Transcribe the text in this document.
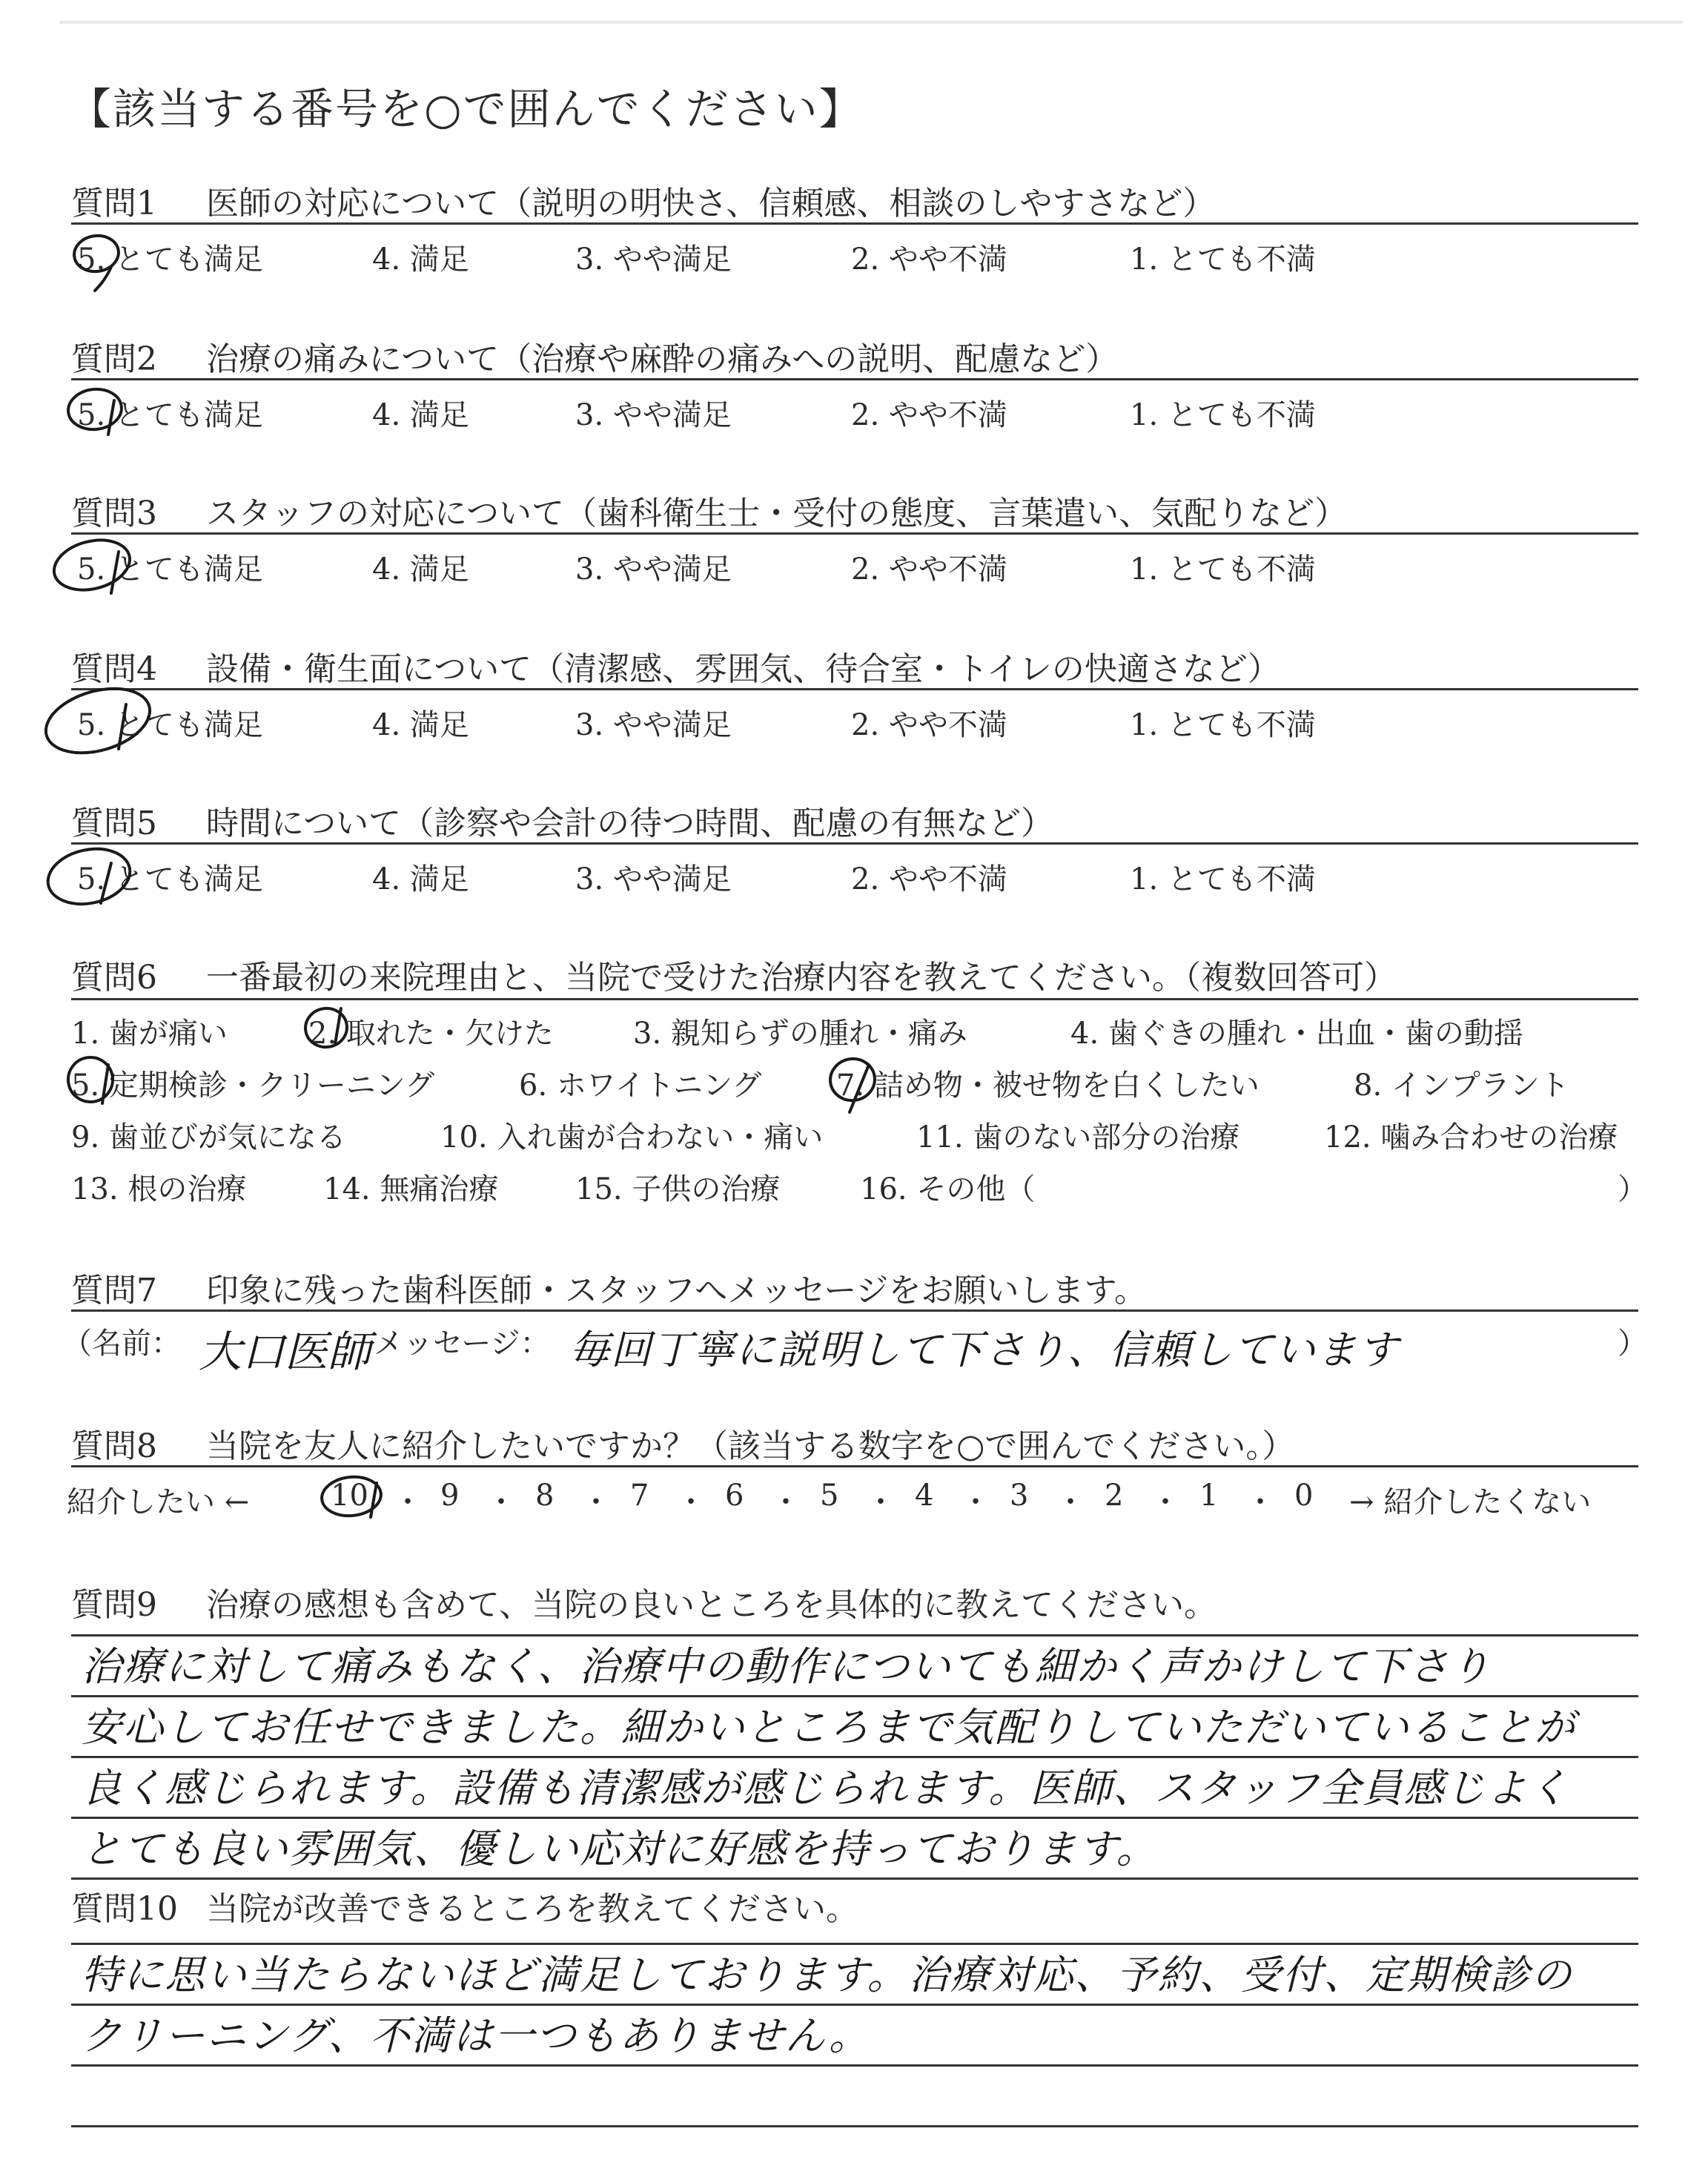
【該当する番号を○で囲んでください】
質問1 医師の対応について（説明の明快さ、信頼感、相談のしやすさなど）
5. とても満足	4. 満足	3. やや満足	2. やや不満	1. とても不満
質問2 治療の痛みについて（治療や麻酔の痛みへの説明、配慮など）
5. とても満足	4. 満足	3. やや満足	2. やや不満	1. とても不満
質問3 スタッフの対応について（歯科衛生士・受付の態度、言葉遣い、気配りなど）
5. とても満足	4. 満足	3. やや満足	2. やや不満	1. とても不満
質問4 設備・衛生面について（清潔感、雰囲気、待合室・トイレの快適さなど）
5. とても満足	4. 満足	3. やや満足	2. やや不満	1. とても不満
質問5 時間について（診察や会計の待つ時間、配慮の有無など）
5. とても満足	4. 満足	3. やや満足	2. やや不満	1. とても不満
質問6 一番最初の来院理由と、当院で受けた治療内容を教えてください。（複数回答可）
1. 歯が痛い	2. 取れた・欠けた	3. 親知らずの腫れ・痛み	4. 歯ぐきの腫れ・出血・歯の動揺
5. 定期検診・クリーニング	6. ホワイトニング	7. 詰め物・被せ物を白くしたい	8. インプラント
9. 歯並びが気になる	10. 入れ歯が合わない・痛い	11. 歯のない部分の治療	12. 噛み合わせの治療
13. 根の治療	14. 無痛治療	15. 子供の治療	16. その他（	）
質問7 印象に残った歯科医師・スタッフへメッセージをお願いします。
（名前： 大口医師 メッセージ： 毎回丁寧に説明して下さり、信頼しています	）
質問8 当院を友人に紹介したいですか？（該当する数字を○で囲んでください。）
紹介したい ←	10 ・ 9 ・ 8 ・ 7 ・ 6 ・ 5 ・ 4 ・ 3 ・ 2 ・ 1 ・ 0 → 紹介したくない
質問9 治療の感想も含めて、当院の良いところを具体的に教えてください。
治療に対して痛みもなく、治療中の動作についても細かく声かけして下さり
安心してお任せできました。細かいところまで気配りしていただいていることが
良く感じられます。設備も清潔感が感じられます。医師、スタッフ全員感じよく
とても良い雰囲気、優しい応対に好感を持っております。
質問10 当院が改善できるところを教えてください。
特に思い当たらないほど満足しております。治療対応、予約、受付、定期検診の
クリーニング、不満は一つもありません。
